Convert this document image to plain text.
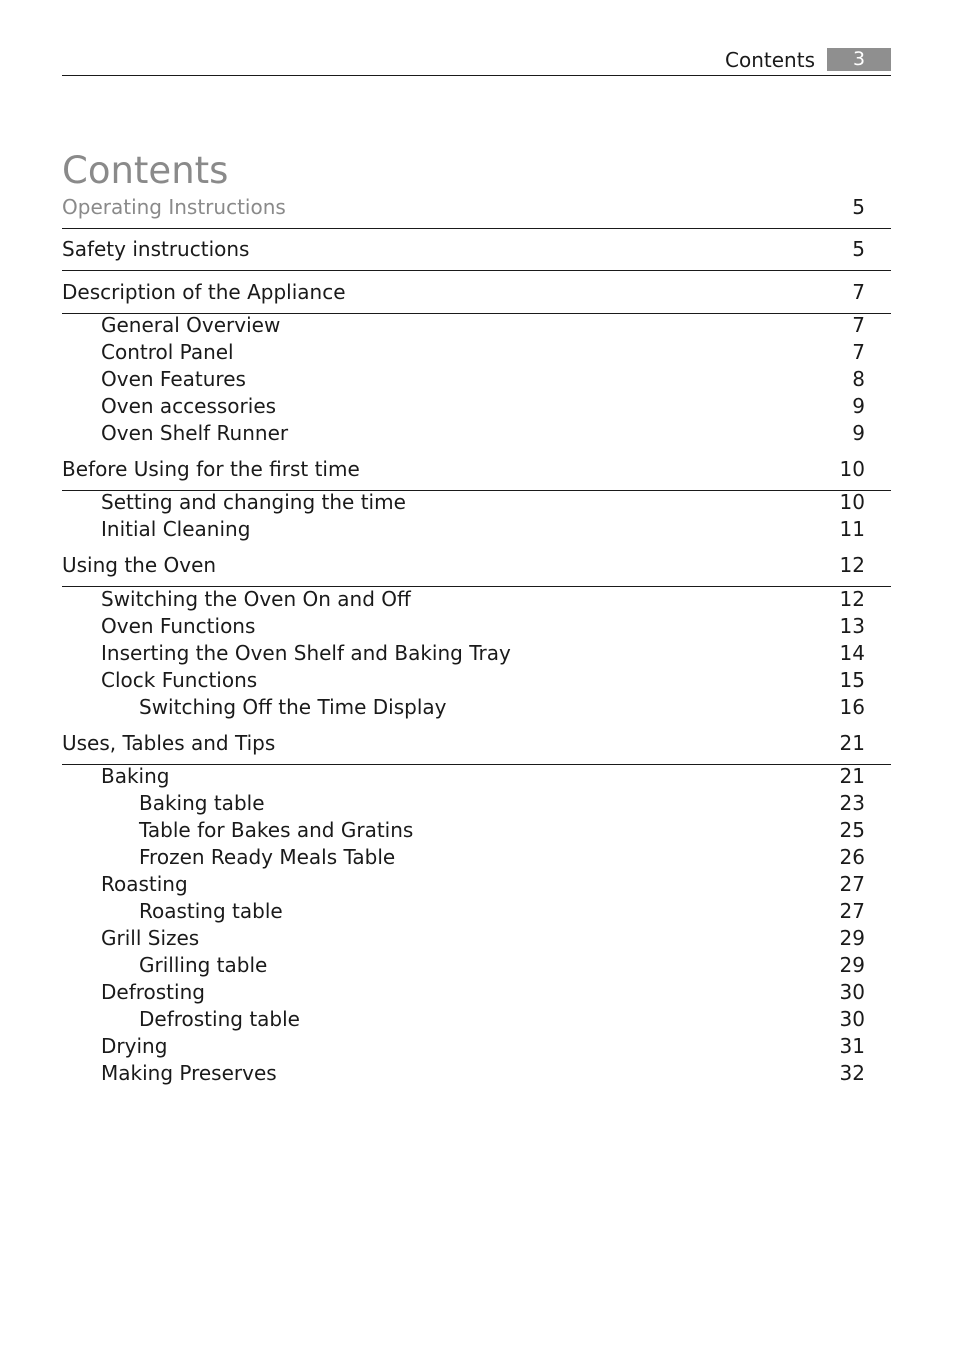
Contents	3
Contents
Operating Instructions	5
Safety instructions	5
Description of the Appliance	7
General Overview	7
Control Panel	7
Oven Features	8
Oven accessories	9
Oven Shelf Runner	9
Before Using for the first time	10
Setting and changing the time	10
Initial Cleaning	11
Using the Oven	12
Switching the Oven On and Off	12
Oven Functions	13
Inserting the Oven Shelf and Baking Tray	14
Clock Functions	15
Switching Off the Time Display	16
Uses, Tables and Tips	21
Baking	21
Baking table	23
Table for Bakes and Gratins	25
Frozen Ready Meals Table	26
Roasting	27
Roasting table	27
Grill Sizes	29
Grilling table	29
Defrosting	30
Defrosting table	30
Drying	31
Making Preserves	32
